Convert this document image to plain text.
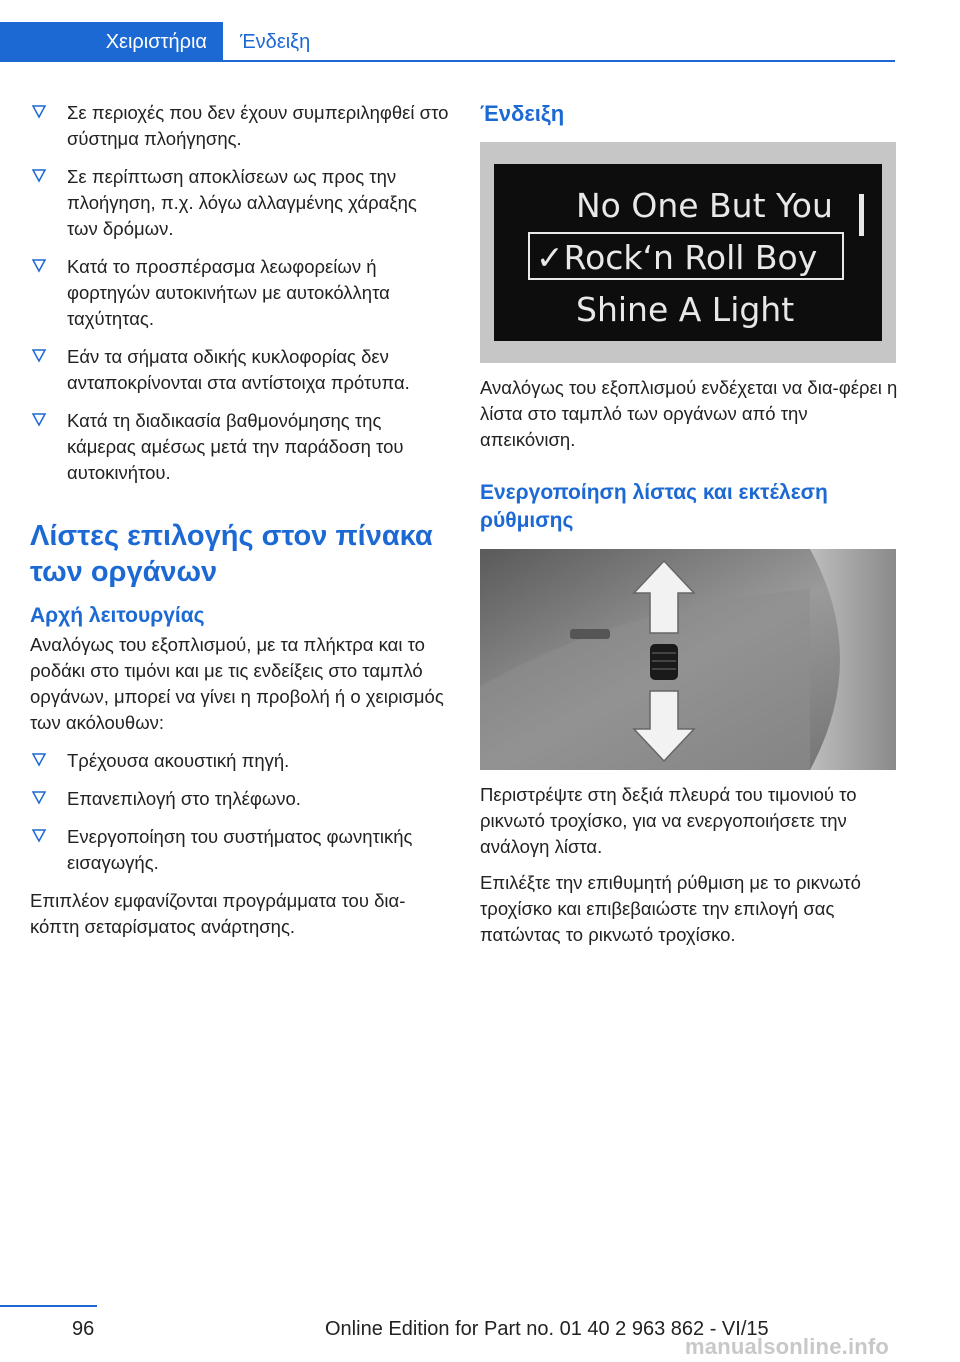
Χειριστήρια	Ένδειξη
Σε περιοχές που δεν έχουν συμπεριληφθεί στο σύστημα πλοήγησης.
Σε περίπτωση αποκλίσεων ως προς την πλοήγηση, π.χ. λόγω αλλαγμένης χάραξης των δρόμων.
Κατά το προσπέρασμα λεωφορείων ή φορτηγών αυτοκινήτων με αυτοκόλλητα ταχύτητας.
Εάν τα σήματα οδικής κυκλοφορίας δεν ανταποκρίνονται στα αντίστοιχα πρότυπα.
Κατά τη διαδικασία βαθμονόμησης της κάμερας αμέσως μετά την παράδοση του αυτοκινήτου.
Λίστες επιλογής στον πίνακα των οργάνων
Αρχή λειτουργίας

Αναλόγως του εξοπλισμού, με τα πλήκτρα και το ροδάκι στο τιμόνι και με τις ενδείξεις στο ταμπλό οργάνων, μπορεί να γίνει η προβολή ή ο χειρισμός των ακόλουθων:

Τρέχουσα ακουστική πηγή.
Επανεπιλογή στο τηλέφωνο.
Ενεργοποίηση του συστήματος φωνητικής εισαγωγής.

Επιπλέον εμφανίζονται προγράμματα του δια‐κόπτη σεταρίσματος ανάρτησης.

Ένδειξη
No One But You
✓Rock‘n Roll Boy
Shine A Light

Αναλόγως του εξοπλισμού ενδέχεται να δια‐φέρει η λίστα στο ταμπλό των οργάνων από την απεικόνιση.

Ενεργοποίηση λίστας και εκτέλεση ρύθμισης

Περιστρέψτε στη δεξιά πλευρά του τιμονιού το ρικνωτό τροχίσκο, για να ενεργοποιήσετε την ανάλογη λίστα.

Επιλέξτε την επιθυμητή ρύθμιση με το ρικνωτό τροχίσκο και επιβεβαιώστε την επιλογή σας πατώντας το ρικνωτό τροχίσκο.

96	Online Edition for Part no. 01 40 2 963 862 - VI/15
manualsonline.info
